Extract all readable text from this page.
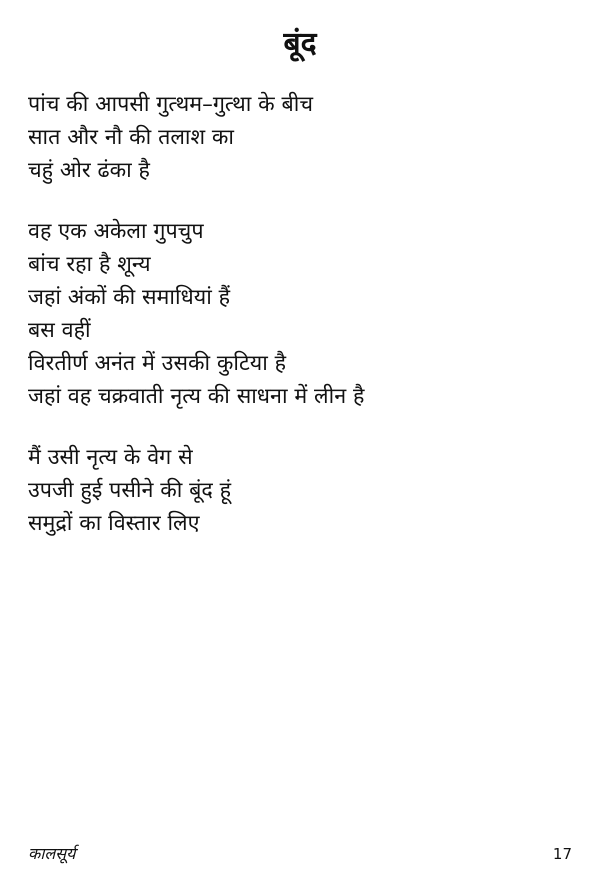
बूंद
पांच की आपसी गुत्थम–गुत्था के बीच
सात और नौ की तलाश का
चहुं ओर ढंका है
वह एक अकेला गुपचुप
बांच रहा है शून्य
जहां अंकों की समाधियां हैं
बस वहीं
विरतीर्ण अनंत में उसकी कुटिया है
जहां वह चक्रवाती नृत्य की साधना में लीन है
मैं उसी नृत्य के वेग से
उपजी हुई पसीने की बूंद हूं
समुद्रों का विस्तार लिए
कालसूर्य	17
